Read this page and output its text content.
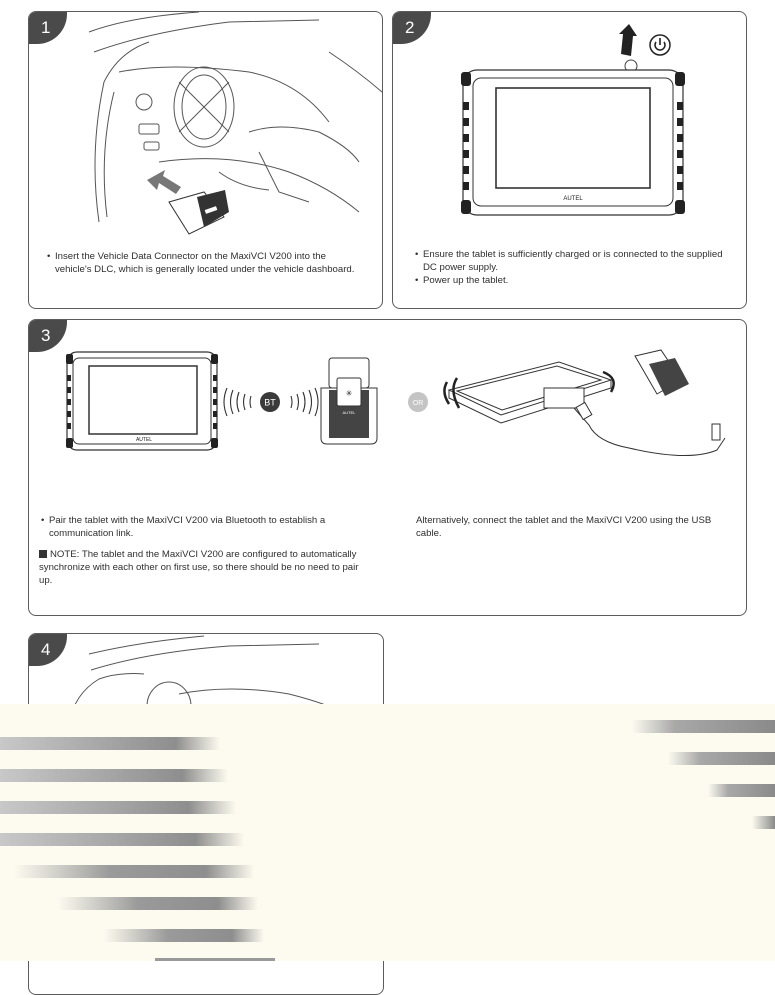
1

• Insert the Vehicle Data Connector on the MaxiVCI V200 into the vehicle's DLC, which is generally located under the vehicle dashboard.

2
AUTEL

• Ensure the tablet is sufficiently charged or is connected to the supplied DC power supply.

• Power up the tablet.

3
AUTEL
BT
✳
AUTEL
OR

• Pair the tablet with the MaxiVCI V200 via Bluetooth to establish a communication link.

NOTE: The tablet and the MaxiVCI V200 are configured to automatically synchronize with each other on first use, so there should be no need to pair up.

Alternatively, connect the tablet and the MaxiVCI V200 using the USB cable.

4
